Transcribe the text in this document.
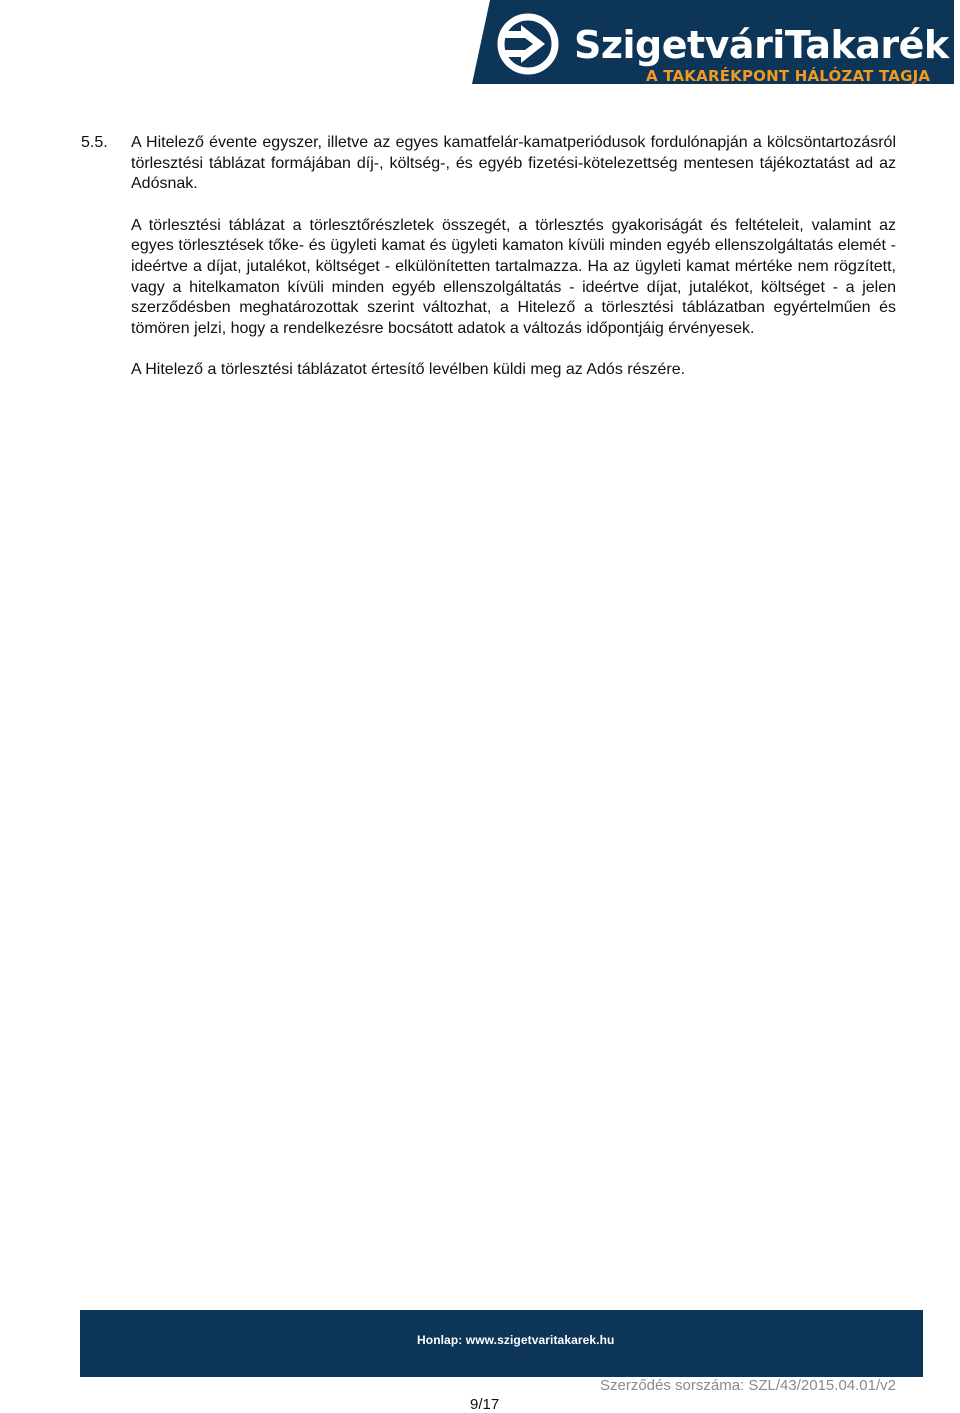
SzigetváriTakarék
A TAKARÉKPONT HÁLÓZAT TAGJA
5.5. A Hitelező évente egyszer, illetve az egyes kamatfelár-kamatperiódusok fordulónapján a kölcsöntartozásról törlesztési táblázat formájában díj-, költség-, és egyéb fizetési-kötelezettség mentesen tájékoztatást ad az Adósnak.

A törlesztési táblázat a törlesztőrészletek összegét, a törlesztés gyakoriságát és feltételeit, valamint az egyes törlesztések tőke- és ügyleti kamat és ügyleti kamaton kívüli minden egyéb ellenszolgáltatás elemét - ideértve a díjat, jutalékot, költséget - elkülönítetten tartalmazza. Ha az ügyleti kamat mértéke nem rögzített, vagy a hitelkamaton kívüli minden egyéb ellenszolgáltatás - ideértve díjat, jutalékot, költséget - a jelen szerződésben meghatározottak szerint változhat, a Hitelező a törlesztési táblázatban egyértelműen és tömören jelzi, hogy a rendelkezésre bocsátott adatok a változás időpontjáig érvényesek.

A Hitelező a törlesztési táblázatot értesítő levélben küldi meg az Adós részére.

Honlap: www.szigetvaritakarek.hu
Szerződés sorszáma: SZL/43/2015.04.01/v2
9/17
